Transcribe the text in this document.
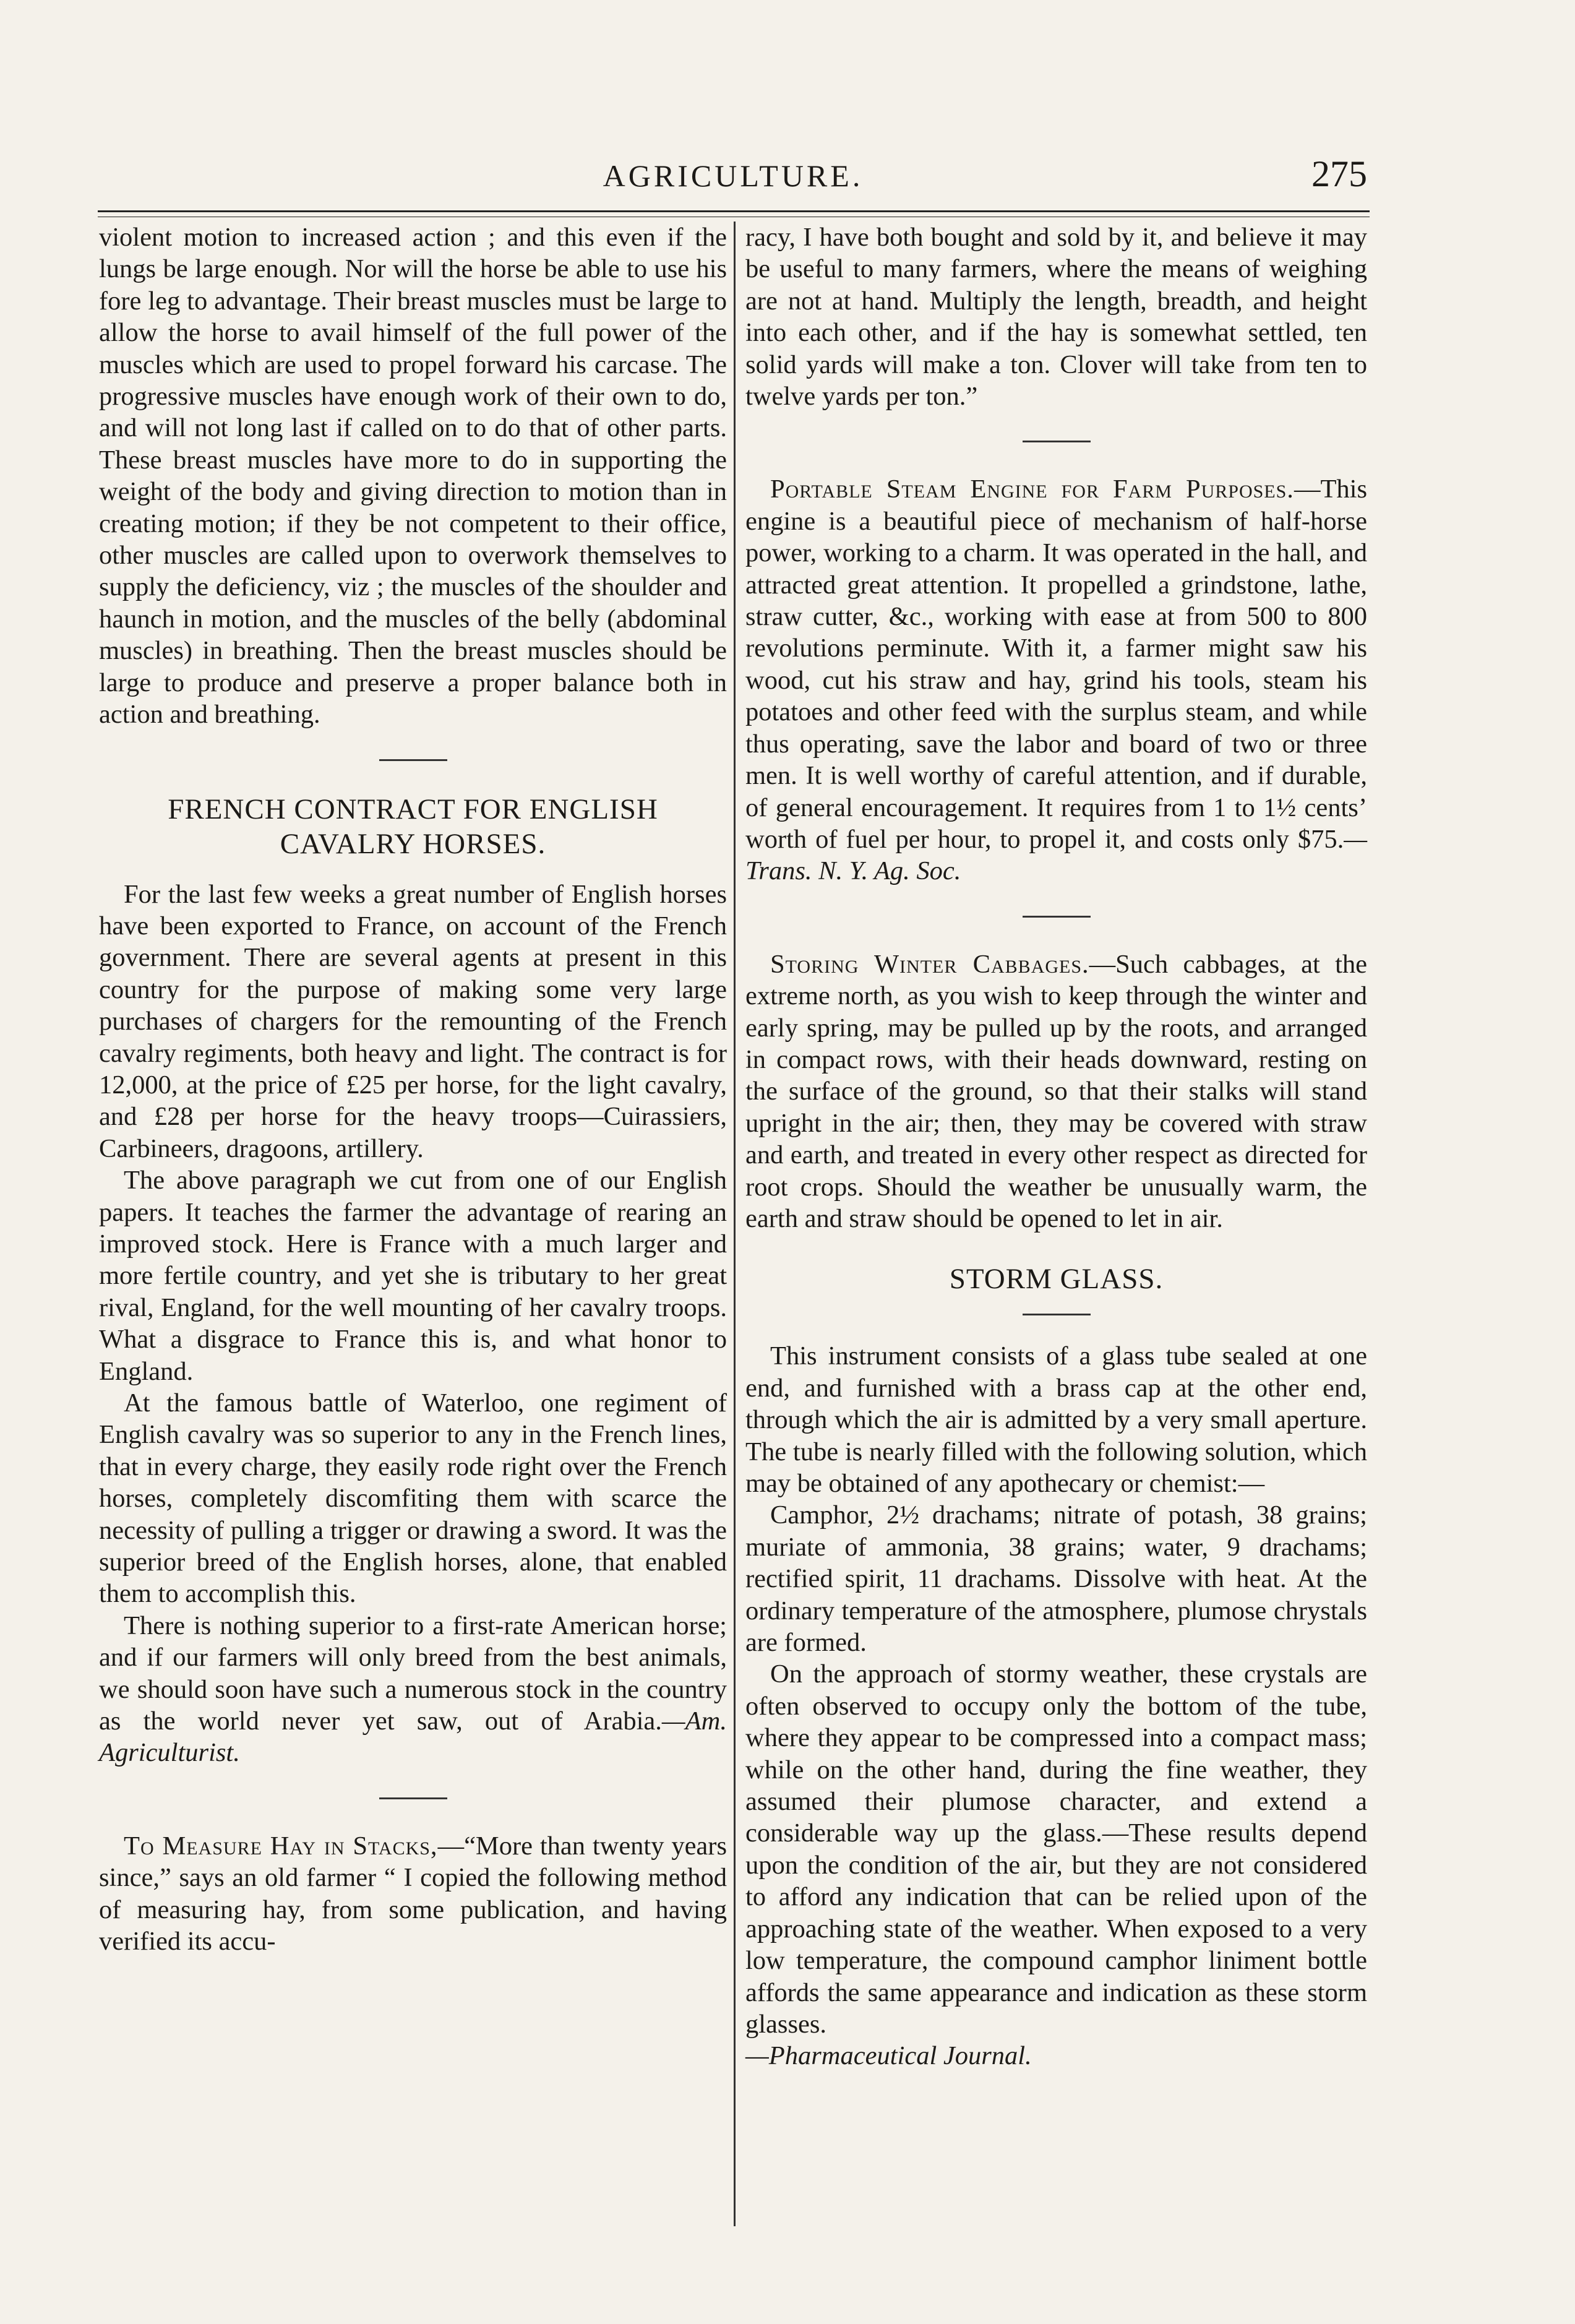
AGRICULTURE.	275

violent motion to increased action ; and this even if the lungs be large enough. Nor will the horse be able to use his fore leg to advantage. Their breast muscles must be large to allow the horse to avail himself of the full power of the muscles which are used to propel forward his carcase. The progressive muscles have enough work of their own to do, and will not long last if called on to do that of other parts. These breast muscles have more to do in supporting the weight of the body and giving direction to motion than in creating motion; if they be not competent to their office, other muscles are called upon to overwork themselves to supply the deficiency, viz ; the muscles of the shoulder and haunch in motion, and the muscles of the belly (abdominal muscles) in breathing. Then the breast muscles should be large to produce and preserve a proper balance both in action and breathing.

FRENCH CONTRACT FOR ENGLISH
CAVALRY HORSES.

For the last few weeks a great number of English horses have been exported to France, on account of the French government. There are several agents at present in this country for the purpose of making some very large purchases of chargers for the remounting of the French cavalry regiments, both heavy and light. The contract is for 12,000, at the price of £25 per horse, for the light cavalry, and £28 per horse for the heavy troops—Cuirassiers, Carbineers, dragoons, artillery.

The above paragraph we cut from one of our English papers. It teaches the farmer the advantage of rearing an improved stock. Here is France with a much larger and more fertile country, and yet she is tributary to her great rival, England, for the well mounting of her cavalry troops. What a disgrace to France this is, and what honor to England.

At the famous battle of Waterloo, one regiment of English cavalry was so superior to any in the French lines, that in every charge, they easily rode right over the French horses, completely discomfiting them with scarce the necessity of pulling a trigger or drawing a sword. It was the superior breed of the English horses, alone, that enabled them to accomplish this.

There is nothing superior to a first-rate American horse; and if our farmers will only breed from the best animals, we should soon have such a numerous stock in the country as the world never yet saw, out of Arabia.—Am. Agriculturist.

To Measure Hay in Stacks,—“More than twenty years since,” says an old farmer “ I copied the following method of measuring hay, from some publication, and having verified its accu-

racy, I have both bought and sold by it, and believe it may be useful to many farmers, where the means of weighing are not at hand. Multiply the length, breadth, and height into each other, and if the hay is somewhat settled, ten solid yards will make a ton. Clover will take from ten to twelve yards per ton.”

Portable Steam Engine for Farm Purposes.—This engine is a beautiful piece of mechanism of half-horse power, working to a charm. It was operated in the hall, and attracted great attention. It propelled a grindstone, lathe, straw cutter, &c., working with ease at from 500 to 800 revolutions perminute. With it, a farmer might saw his wood, cut his straw and hay, grind his tools, steam his potatoes and other feed with the surplus steam, and while thus operating, save the labor and board of two or three men. It is well worthy of careful attention, and if durable, of general encouragement. It requires from 1 to 1½ cents’ worth of fuel per hour, to propel it, and costs only $75.—Trans. N. Y. Ag. Soc.

Storing Winter Cabbages.—Such cabbages, at the extreme north, as you wish to keep through the winter and early spring, may be pulled up by the roots, and arranged in compact rows, with their heads downward, resting on the surface of the ground, so that their stalks will stand upright in the air; then, they may be covered with straw and earth, and treated in every other respect as directed for root crops. Should the weather be unusually warm, the earth and straw should be opened to let in air.

STORM GLASS.

This instrument consists of a glass tube sealed at one end, and furnished with a brass cap at the other end, through which the air is admitted by a very small aperture. The tube is nearly filled with the following solution, which may be obtained of any apothecary or chemist:—

Camphor, 2½ drachams; nitrate of potash, 38 grains; muriate of ammonia, 38 grains; water, 9 drachams; rectified spirit, 11 drachams. Dissolve with heat. At the ordinary temperature of the atmosphere, plumose chrystals are formed.

On the approach of stormy weather, these crystals are often observed to occupy only the bottom of the tube, where they appear to be compressed into a compact mass; while on the other hand, during the fine weather, they assumed their plumose character, and extend a considerable way up the glass.—These results depend upon the condition of the air, but they are not considered to afford any indication that can be relied upon of the approaching state of the weather. When exposed to a very low temperature, the compound camphor liniment bottle affords the same appearance and indication as these storm glasses.
—Pharmaceutical Journal.
